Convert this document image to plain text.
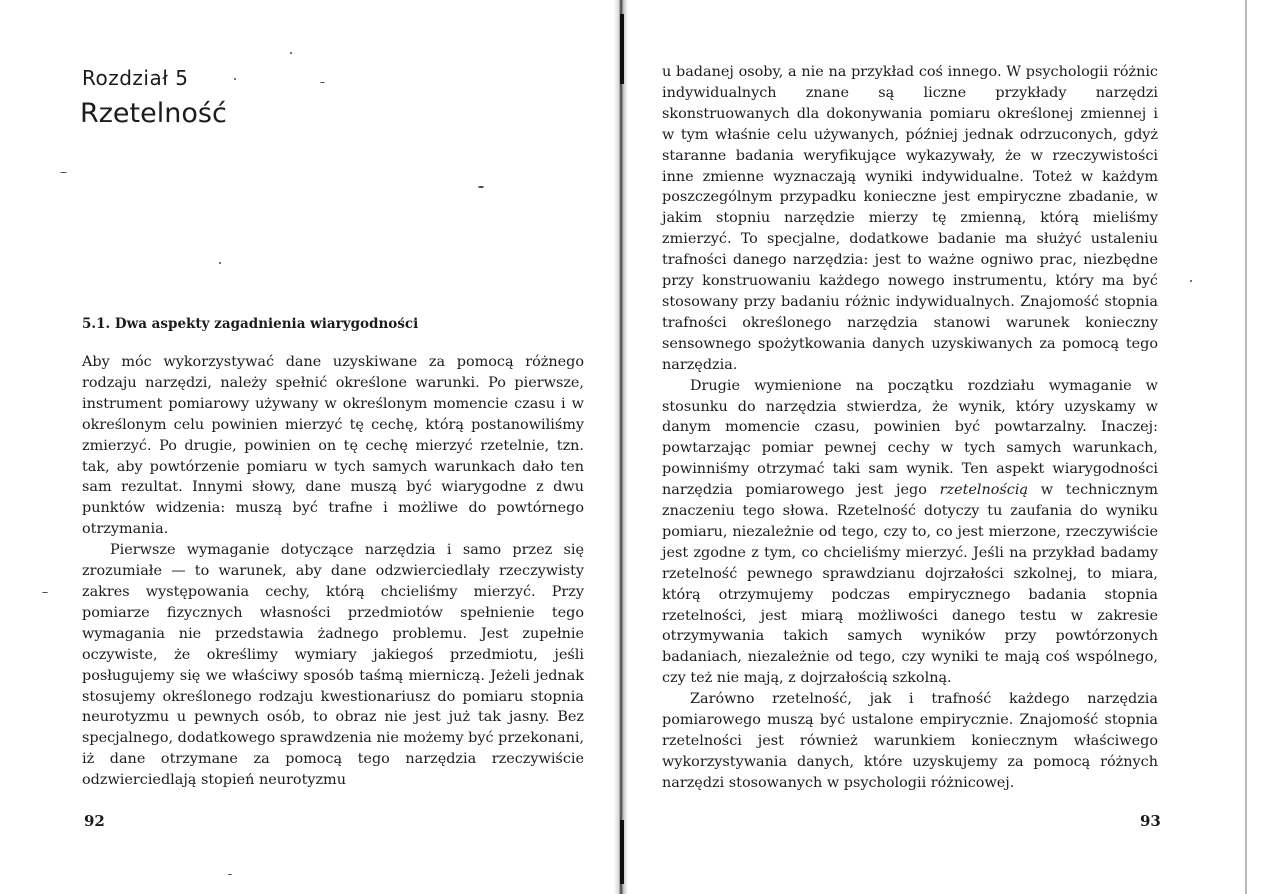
Rozdział 5
Rzetelność
5.1. Dwa aspekty zagadnienia wiarygodności

Aby móc wykorzystywać dane uzyskiwane za pomocą różnego rodzaju narzędzi, należy spełnić określone warunki. Po pierwsze, instrument pomiarowy używany w określonym momencie czasu i w określonym celu powinien mierzyć tę cechę, którą postanowiliśmy zmierzyć. Po drugie, powinien on tę cechę mierzyć rzetelnie, tzn. tak, aby powtórzenie pomiaru w tych samych warunkach dało ten sam rezultat. Innymi słowy, dane muszą być wiarygodne z dwu punktów widzenia: muszą być trafne i możliwe do powtórnego otrzymania.

Pierwsze wymaganie dotyczące narzędzia i samo przez się zrozumiałe — to warunek, aby dane odzwierciedlały rzeczywisty zakres występowania cechy, którą chcieliśmy mierzyć. Przy pomiarze fizycznych własności przedmiotów spełnienie tego wymagania nie przedstawia żadnego problemu. Jest zupełnie oczywiste, że określimy wymiary jakiegoś przedmiotu, jeśli posługujemy się we właściwy sposób taśmą mierniczą. Jeżeli jednak stosujemy określonego rodzaju kwestionariusz do pomiaru stopnia neurotyzmu u pewnych osób, to obraz nie jest już tak jasny. Bez specjalnego, dodatkowego sprawdzenia nie możemy być przekonani, iż dane otrzymane za pomocą tego narzędzia rzeczywiście odzwierciedlają stopień neurotyzmu

92

u badanej osoby, a nie na przykład coś innego. W psychologii różnic indywidualnych znane są liczne przykłady narzędzi skonstruowanych dla dokonywania pomiaru określonej zmiennej i w tym właśnie celu używanych, później jednak odrzuconych, gdyż staranne badania weryfikujące wykazywały, że w rzeczywistości inne zmienne wyznaczają wyniki indywidualne. Toteż w każdym poszczególnym przypadku konieczne jest empiryczne zbadanie, w jakim stopniu narzędzie mierzy tę zmienną, którą mieliśmy zmierzyć. To specjalne, dodatkowe badanie ma służyć ustaleniu trafności danego narzędzia: jest to ważne ogniwo prac, niezbędne przy konstruowaniu każdego nowego instrumentu, który ma być stosowany przy badaniu różnic indywidualnych. Znajomość stopnia trafności określonego narzędzia stanowi warunek konieczny sensownego spożytkowania danych uzyskiwanych za pomocą tego narzędzia.

Drugie wymienione na początku rozdziału wymaganie w stosunku do narzędzia stwierdza, że wynik, który uzyskamy w danym momencie czasu, powinien być powtarzalny. Inaczej: powtarzając pomiar pewnej cechy w tych samych warunkach, powinniśmy otrzymać taki sam wynik. Ten aspekt wiarygodności narzędzia pomiarowego jest jego rzetelnością w technicznym znaczeniu tego słowa. Rzetelność dotyczy tu zaufania do wyniku pomiaru, niezależnie od tego, czy to, co jest mierzone, rzeczywiście jest zgodne z tym, co chcieliśmy mierzyć. Jeśli na przykład badamy rzetelność pewnego sprawdzianu dojrzałości szkolnej, to miara, którą otrzymujemy podczas empirycznego badania stopnia rzetelności, jest miarą możliwości danego testu w zakresie otrzymywania takich samych wyników przy powtórzonych badaniach, niezależnie od tego, czy wyniki te mają coś wspólnego, czy też nie mają, z dojrzałością szkolną.

Zarówno rzetelność, jak i trafność każdego narzędzia pomiarowego muszą być ustalone empirycznie. Znajomość stopnia rzetelności jest również warunkiem koniecznym właściwego wykorzystywania danych, które uzyskujemy za pomocą różnych narzędzi stosowanych w psychologii różnicowej.

93
